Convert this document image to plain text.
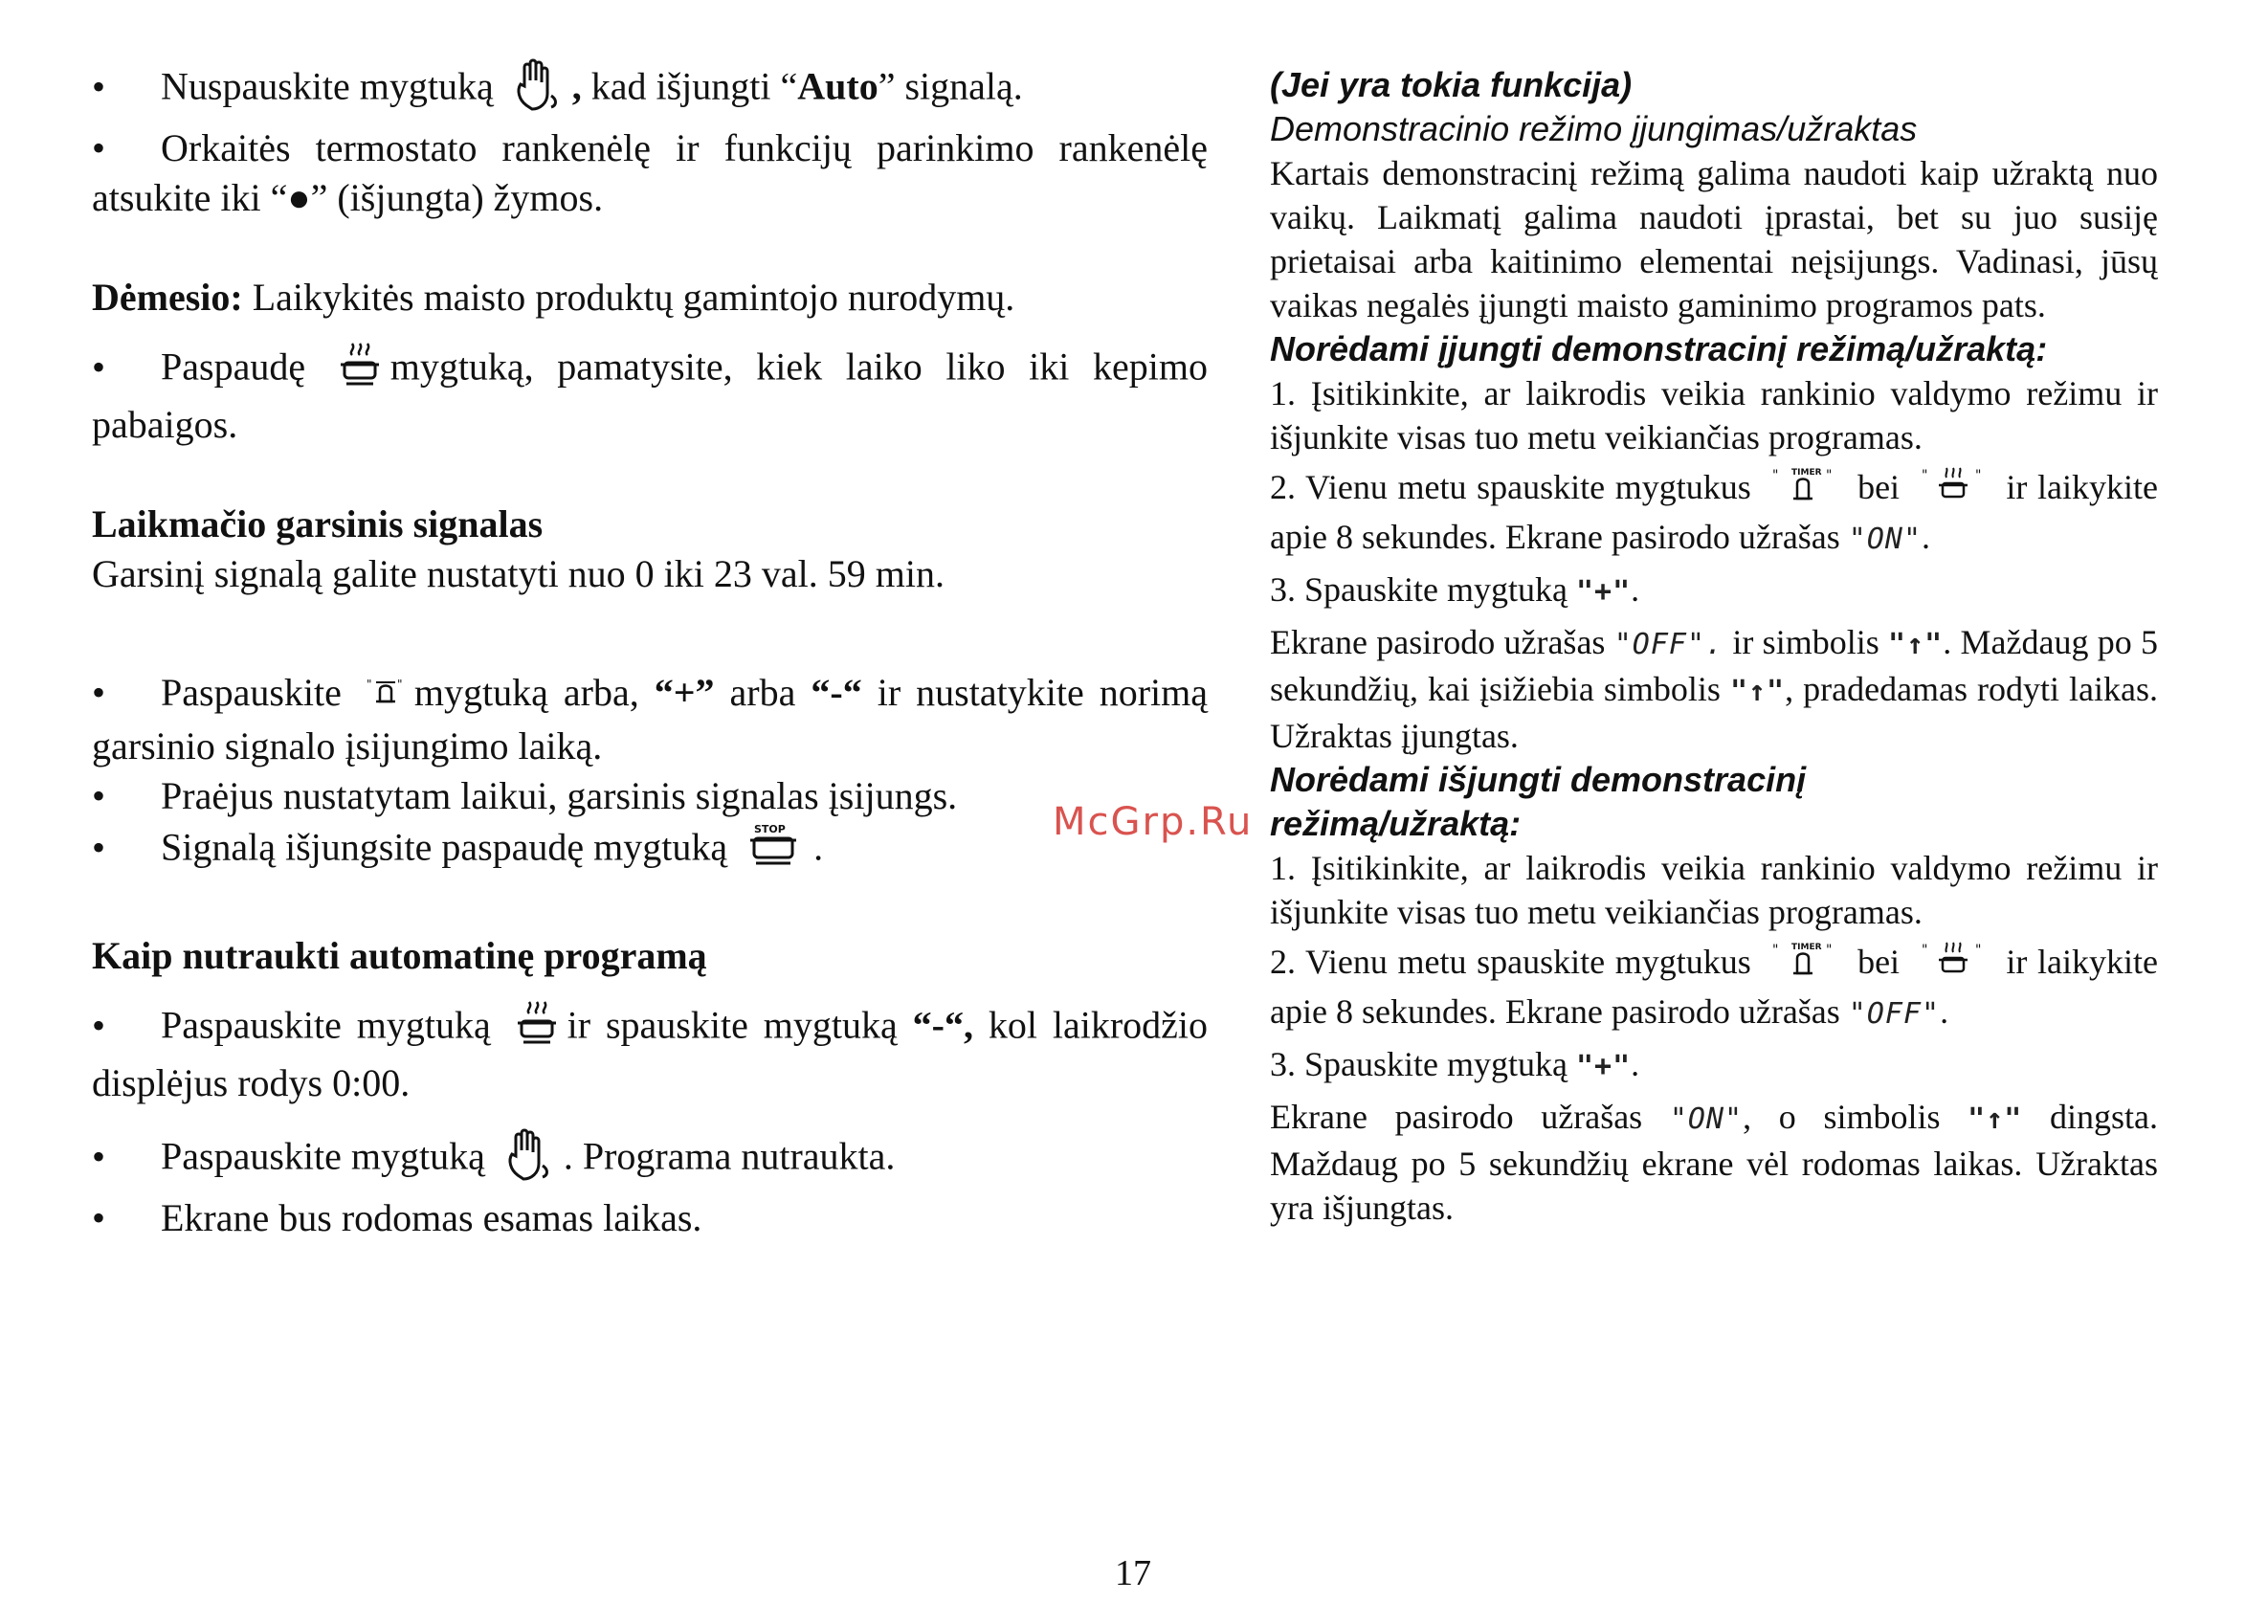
• Nuspauskite mygtuką , kad išjungti “Auto” signalą.
• Orkaitės termostato rankenėlę ir funkcijų parinkimo rankenėlę atsukite iki “●” (išjungta) žymos.
Dėmesio: Laikykitės maisto produktų gamintojo nurodymų.
• Paspaudę mygtuką, pamatysite, kiek laiko liko iki kepimo pabaigos.
Laikmačio garsinis signalas
Garsinį signalą galite nustatyti nuo 0 iki 23 val. 59 min.
• Paspauskite " " mygtuką arba, “+” arba “-“ ir nustatykite norimą garsinio signalo įsijungimo laiką.
• Praėjus nustatytam laikui, garsinis signalas įsijungs.
• Signalą išjungsite paspaudę mygtuką	STOP .
Kaip nutraukti automatinę programą
• Paspauskite mygtuką ir spauskite mygtuką “-“, kol laikrodžio displėjus rodys 0:00.
• Paspauskite mygtuką . Programa nutraukta.
• Ekrane bus rodomas esamas laikas.
McGrp.Ru
(Jei yra tokia funkcija)
Demonstracinio režimo įjungimas/užraktas
Kartais demonstracinį režimą galima naudoti kaip užraktą nuo vaikų. Laikmatį galima naudoti įprastai, bet su juo susiję prietaisai arba kaitinimo elementai neįsijungs. Vadinasi, jūsų vaikas negalės įjungti maisto gaminimo programos pats.
Norėdami įjungti demonstracinį režimą/užraktą:
1. Įsitikinkite, ar laikrodis veikia rankinio valdymo režimu ir išjunkite visas tuo metu veikiančias programas.
2. Vienu metu spauskite mygtukus " TIMER " bei "	" ir laikykite apie 8 sekundes. Ekrane pasirodo užrašas "ON".
3. Spauskite mygtuką "+".
Ekrane pasirodo užrašas "OFF". ir simbolis "↑". Maždaug po 5 sekundžių, kai įsižiebia simbolis "↑", pradedamas rodyti laikas. Užraktas įjungtas.
Norėdami išjungti demonstracinį
režimą/užraktą:
1. Įsitikinkite, ar laikrodis veikia rankinio valdymo režimu ir išjunkite visas tuo metu veikiančias programas.
2. Vienu metu spauskite mygtukus " TIMER " bei "	" ir laikykite apie 8 sekundes. Ekrane pasirodo užrašas "OFF".
3. Spauskite mygtuką "+".
Ekrane pasirodo užrašas "ON", o simbolis "↑" dingsta. Maždaug po 5 sekundžių ekrane vėl rodomas laikas. Užraktas yra išjungtas.
17
